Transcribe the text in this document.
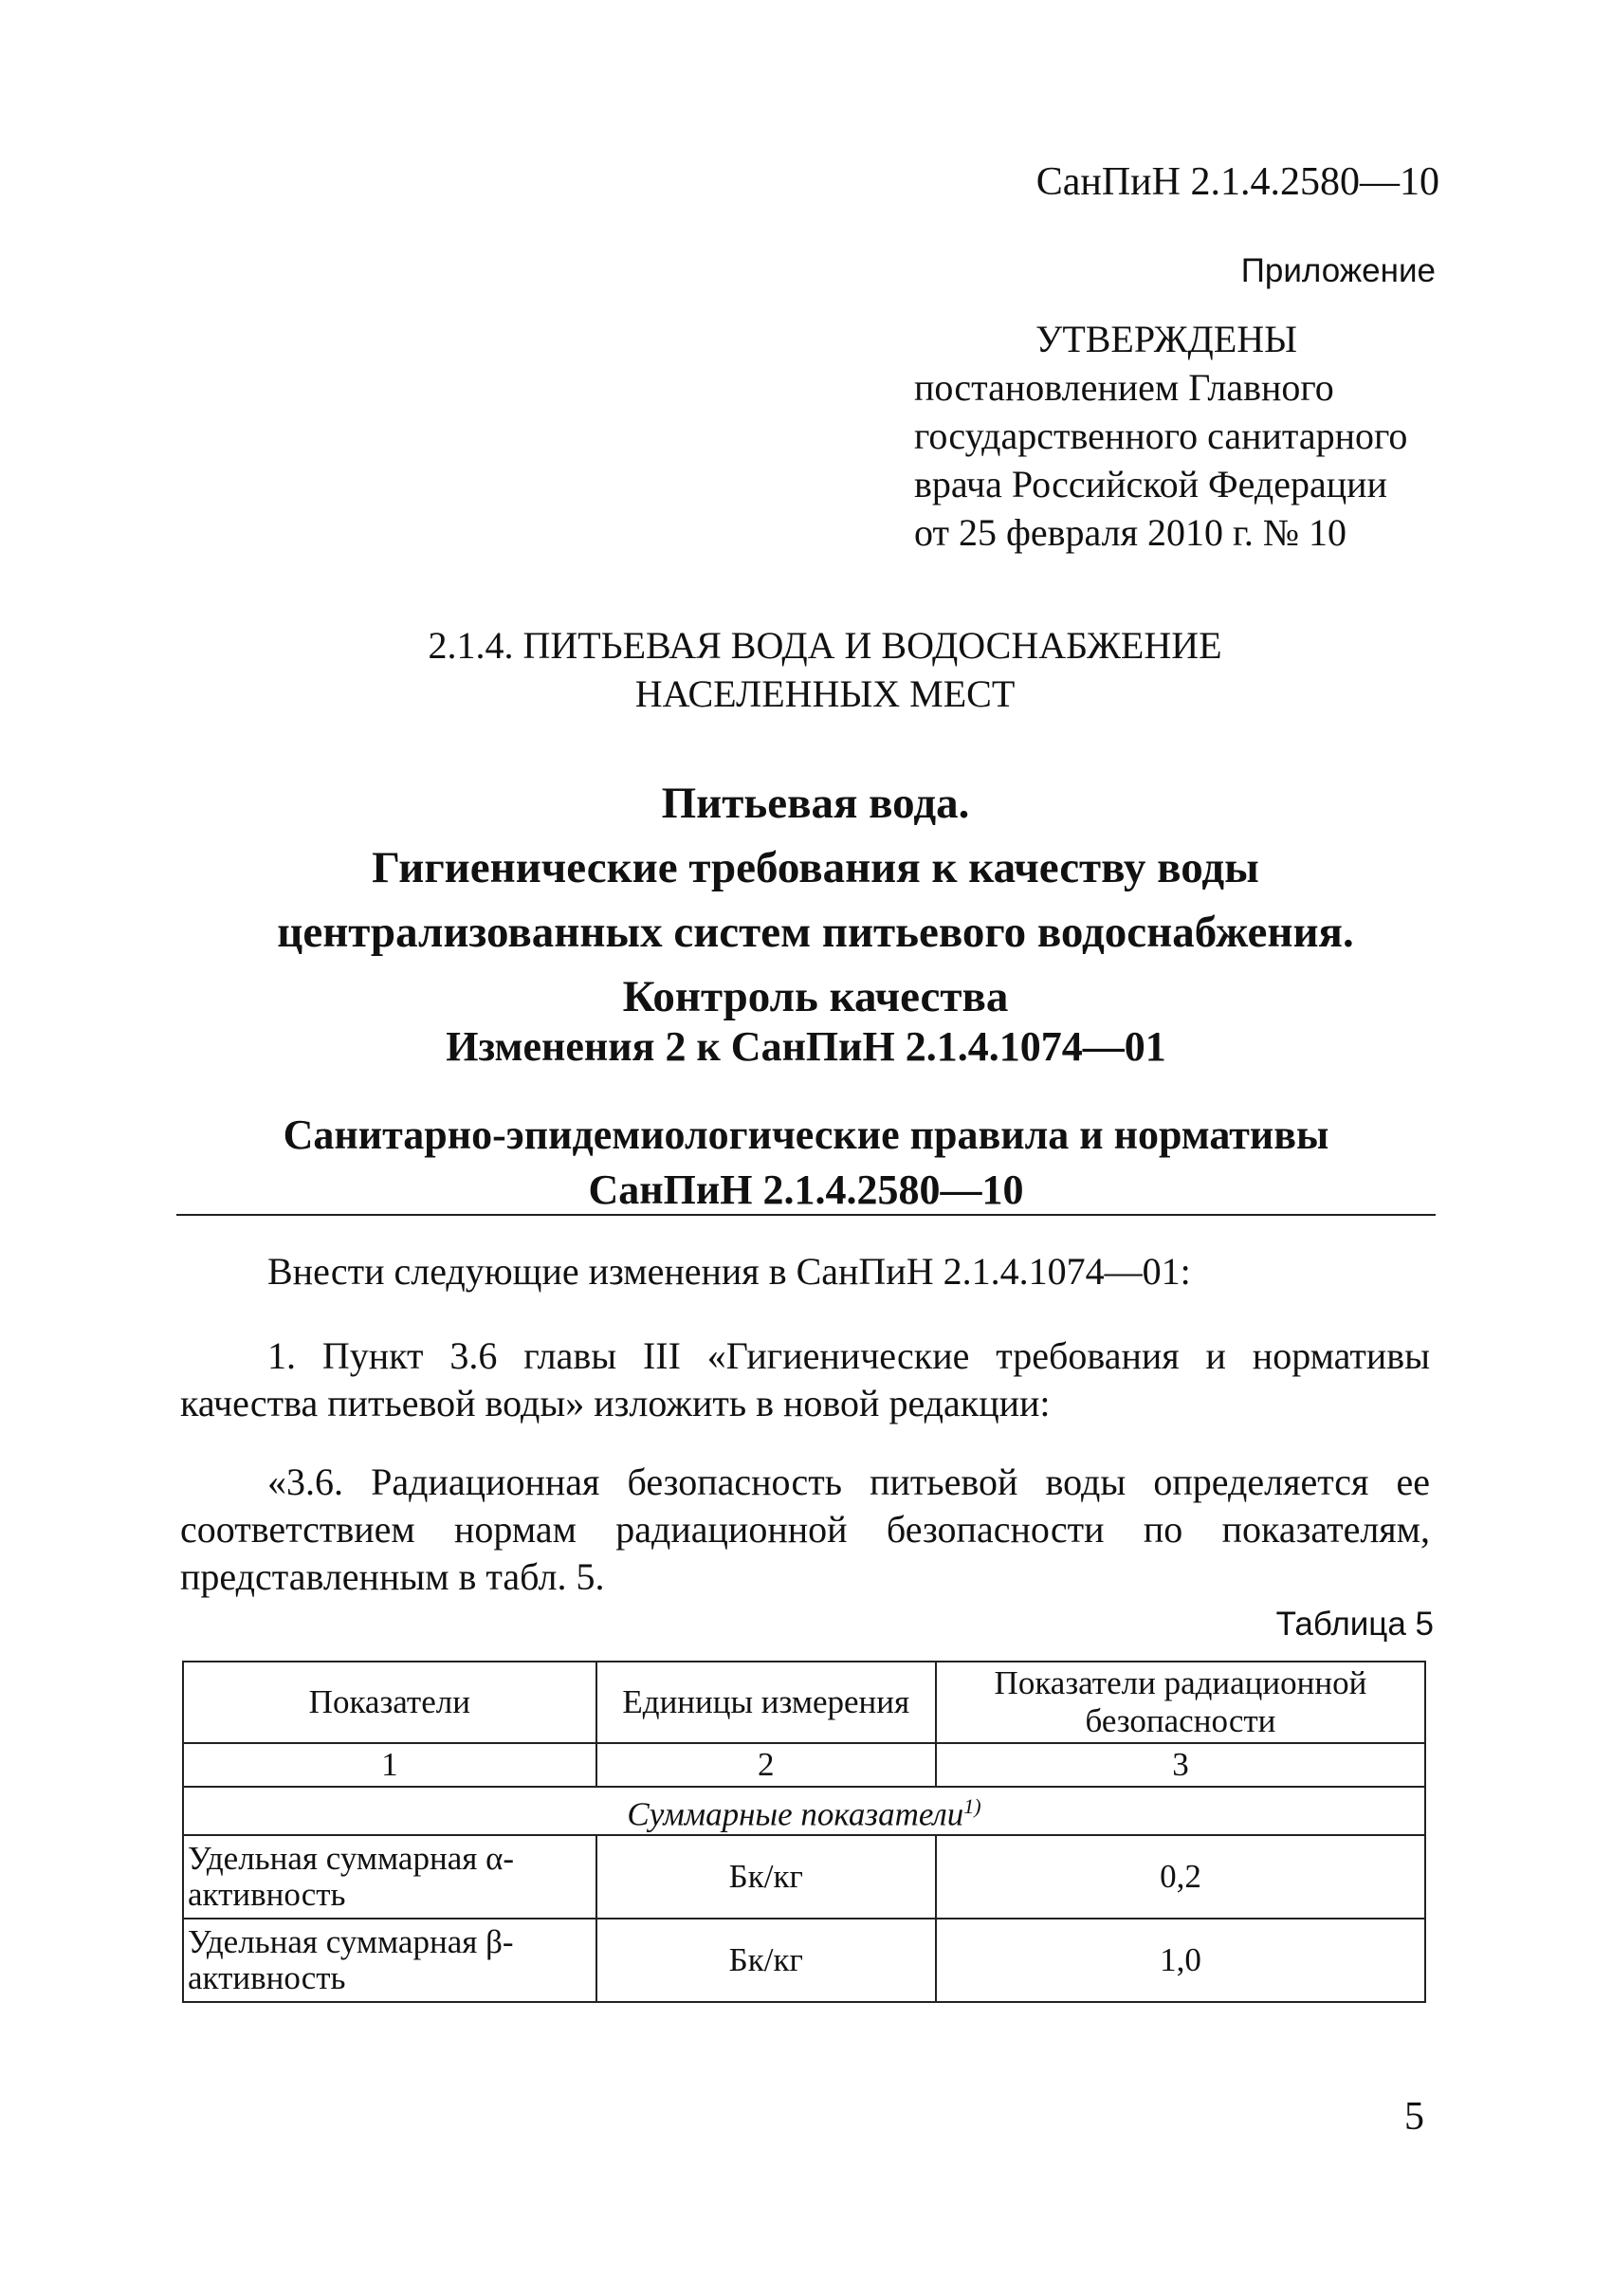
СанПиН 2.1.4.2580—10
Приложение
УТВЕРЖДЕНЫ
постановлением Главного
государственного санитарного
врача Российской Федерации
от 25 февраля 2010 г. № 10
2.1.4. ПИТЬЕВАЯ ВОДА И ВОДОСНАБЖЕНИЕ
НАСЕЛЕННЫХ МЕСТ
Питьевая вода.
Гигиенические требования к качеству воды
централизованных систем питьевого водоснабжения.
Контроль качества
Изменения 2 к СанПиН 2.1.4.1074—01
Санитарно-эпидемиологические правила и нормативы
СанПиН 2.1.4.2580—10
Внести следующие изменения в СанПиН 2.1.4.1074—01:
1. Пункт 3.6 главы III «Гигиенические требования и нормативы качества питьевой воды» изложить в новой редакции:
«3.6. Радиационная безопасность питьевой воды определяется ее соответствием нормам радиационной безопасности по показателям, представленным в табл. 5.
Таблица 5
Показатели	Единицы измерения	Показатели радиационной безопасности
1	2	3
Суммарные показатели$^{1)}$
Удельная суммарная α-активность	Бк/кг	0,2
Удельная суммарная β-активность	Бк/кг	1,0
5
